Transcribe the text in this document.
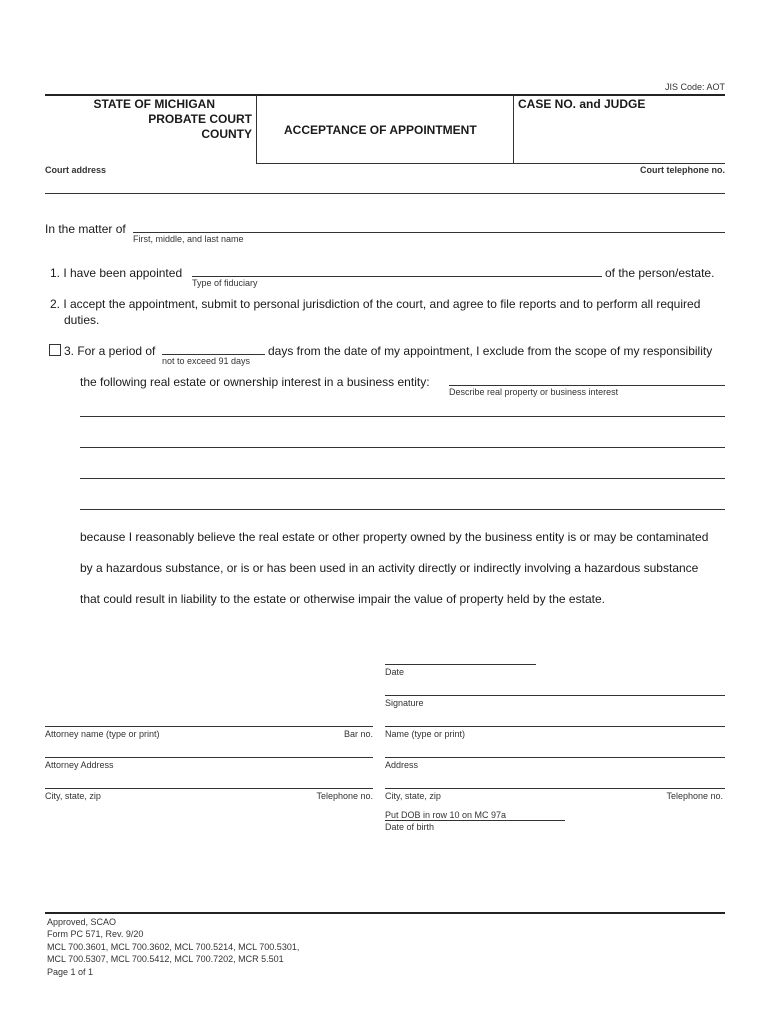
JIS Code: AOT
STATE OF MICHIGAN
PROBATE COURT
COUNTY	ACCEPTANCE OF APPOINTMENT
CASE NO. and JUDGE
Court address	Court telephone no.
In the matter of
First, middle, and last name
1. I have been appointed
Type of fiduciary
of the person/estate.
2. I accept the appointment, submit to personal jurisdiction of the court, and agree to file reports and to perform all required
duties.
3. For a period of
not to exceed 91 days
days from the date of my appointment, I exclude from the scope of my responsibility
the following real estate or ownership interest in a business entity:
Describe real property or business interest
because I reasonably believe the real estate or other property owned by the business entity is or may be contaminated
by a hazardous substance, or is or has been used in an activity directly or indirectly involving a hazardous substance
that could result in liability to the estate or otherwise impair the value of property held by the estate.
Date
Signature
Attorney name (type or print)	Bar no. Name (type or print)
Attorney Address	Address
City, state, zip	Telephone no. City, state, zip	Telephone no.
Put DOB in row 10 on MC 97a
Date of birth
Approved, SCAO
Form PC 571, Rev. 9/20
MCL 700.3601, MCL 700.3602, MCL 700.5214, MCL 700.5301,
MCL 700.5307, MCL 700.5412, MCL 700.7202, MCR 5.501
Page 1 of 1
